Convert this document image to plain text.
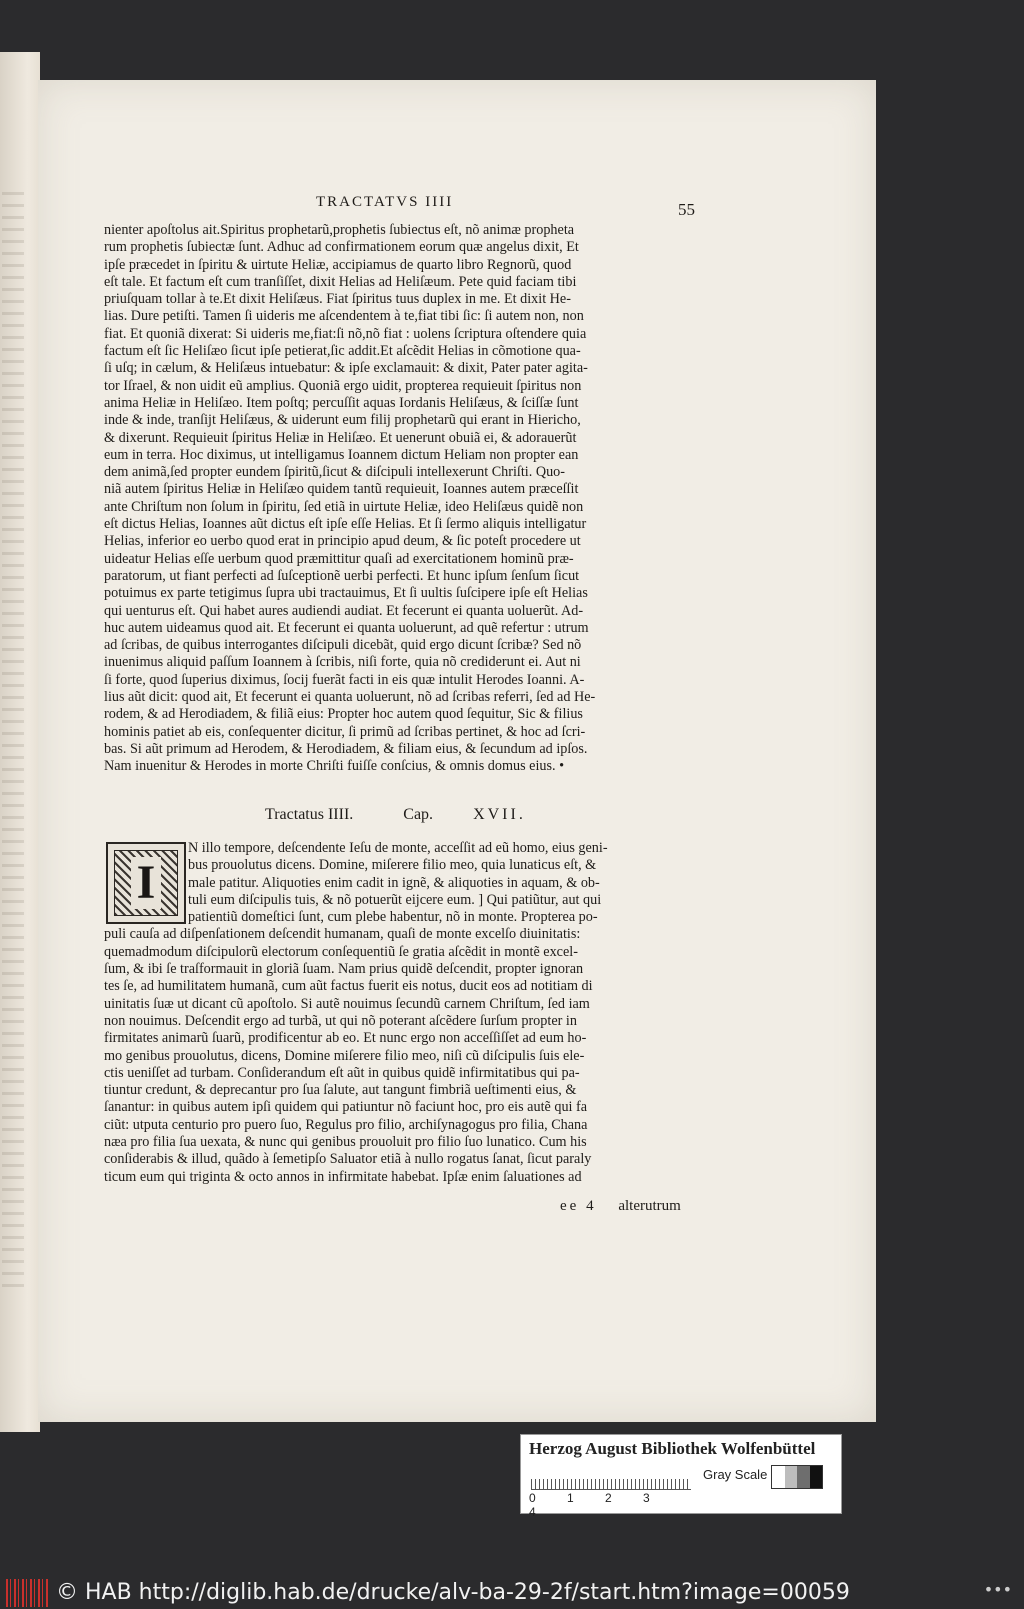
TRACTATVS IIII	55
nienter apoſtolus ait.Spiritus prophetarũ,prophetis ſubiectus eſt, nõ animæ propheta
rum prophetis ſubiectæ ſunt. Adhuc ad confirmationem eorum quæ angelus dixit, Et
ipſe præcedet in ſpiritu & uirtute Heliæ, accipiamus de quarto libro Regnorũ, quod
eſt tale. Et factum eſt cum tranſiſſet, dixit Helias ad Heliſæum. Pete quid faciam tibi
priuſquam tollar à te.Et dixit Heliſæus. Fiat ſpiritus tuus duplex in me. Et dixit He-
lias. Dure petiſti. Tamen ſi uideris me aſcendentem à te,fiat tibi ſic: ſi autem non, non
fiat. Et quoniã dixerat: Si uideris me,fiat:ſi nõ,nõ fiat : uolens ſcriptura oſtendere quia
factum eſt ſic Heliſæo ſicut ipſe petierat,ſic addit.Et aſcẽdit Helias in cõmotione qua-
ſi uſq; in cælum, & Heliſæus intuebatur: & ipſe exclamauit: & dixit, Pater pater agita-
tor Iſrael, & non uidit eũ amplius. Quoniã ergo uidit, propterea requieuit ſpiritus non
anima Heliæ in Heliſæo. Item poſtq; percuſſit aquas Iordanis Heliſæus, & ſciſſæ ſunt
inde & inde, tranſijt Heliſæus, & uiderunt eum filij prophetarũ qui erant in Hiericho,
& dixerunt. Requieuit ſpiritus Heliæ in Heliſæo. Et uenerunt obuiã ei, & adorauerũt
eum in terra. Hoc diximus, ut intelligamus Ioannem dictum Heliam non propter ean
dem animã,ſed propter eundem ſpiritũ,ſicut & diſcipuli intellexerunt Chriſti. Quo-
niã autem ſpiritus Heliæ in Heliſæo quidem tantũ requieuit, Ioannes autem præceſſit
ante Chriſtum non ſolum in ſpiritu, ſed etiã in uirtute Heliæ, ideo Heliſæus quidẽ non
eſt dictus Helias, Ioannes aũt dictus eſt ipſe eſſe Helias. Et ſi ſermo aliquis intelligatur
Helias, inferior eo uerbo quod erat in principio apud deum, & ſic poteſt procedere ut
uideatur Helias eſſe uerbum quod præmittitur quaſi ad exercitationem hominũ præ-
paratorum, ut fiant perfecti ad ſuſceptionẽ uerbi perfecti. Et hunc ipſum ſenſum ſicut
potuimus ex parte tetigimus ſupra ubi tractauimus, Et ſi uultis ſuſcipere ipſe eſt Helias
qui uenturus eſt. Qui habet aures audiendi audiat. Et fecerunt ei quanta uoluerũt. Ad-
huc autem uideamus quod ait. Et fecerunt ei quanta uoluerunt, ad quẽ refertur : utrum
ad ſcribas, de quibus interrogantes diſcipuli dicebãt, quid ergo dicunt ſcribæ? Sed nõ
inuenimus aliquid paſſum Ioannem à ſcribis, niſi forte, quia nõ crediderunt ei. Aut ni
ſi forte, quod ſuperius diximus, ſocij fuerãt facti in eis quæ intulit Herodes Ioanni. A-
lius aũt dicit: quod ait, Et fecerunt ei quanta uoluerunt, nõ ad ſcribas referri, ſed ad He-
rodem, & ad Herodiadem, & filiã eius: Propter hoc autem quod ſequitur, Sic & filius
hominis patiet ab eis, conſequenter dicitur, ſi primũ ad ſcribas pertinet, & hoc ad ſcri-
bas. Si aũt primum ad Herodem, & Herodiadem, & filiam eius, & ſecundum ad ipſos.
Nam inuenitur & Herodes in morte Chriſti fuiſſe conſcius, & omnis domus eius. •
Tractatus IIII.	Cap.	XVII.
I
N illo tempore, deſcendente Ieſu de monte, acceſſit ad eũ homo, eius geni-
bus prouolutus dicens. Domine, miſerere filio meo, quia lunaticus eſt, &
male patitur. Aliquoties enim cadit in ignẽ, & aliquoties in aquam, & ob-
tuli eum diſcipulis tuis, & nõ potuerũt eijcere eum. ] Qui patiũtur, aut qui
patientiũ domeſtici ſunt, cum plebe habentur, nõ in monte. Propterea po-
puli cauſa ad diſpenſationem deſcendit humanam, quaſi de monte excelſo diuinitatis:
quemadmodum diſcipulorũ electorum conſequentiũ ſe gratia aſcẽdit in montẽ excel-
ſum, & ibi ſe traſformauit in gloriã ſuam. Nam prius quidẽ deſcendit, propter ignoran
tes ſe, ad humilitatem humanã, cum aũt factus fuerit eis notus, ducit eos ad notitiam di
uinitatis ſuæ ut dicant cũ apoſtolo. Si autẽ nouimus ſecundũ carnem Chriſtum, ſed iam
non nouimus. Deſcendit ergo ad turbã, ut qui nõ poterant aſcẽdere ſurſum propter in
firmitates animarũ ſuarũ, prodificentur ab eo. Et nunc ergo non acceſſiſſet ad eum ho-
mo genibus prouolutus, dicens, Domine miſerere filio meo, niſi cũ diſcipulis ſuis ele-
ctis ueniſſet ad turbam. Conſiderandum eſt aũt in quibus quidẽ infirmitatibus qui pa-
tiuntur credunt, & deprecantur pro ſua ſalute, aut tangunt fimbriã ueſtimenti eius, &
ſanantur: in quibus autem ipſi quidem qui patiuntur nõ faciunt hoc, pro eis autẽ qui fa
ciũt: utputa centurio pro puero ſuo, Regulus pro filio, archiſynagogus pro filia, Chana
næa pro filia ſua uexata, & nunc qui genibus prouoluit pro filio ſuo lunatico. Cum his
conſiderabis & illud, quãdo à ſemetipſo Saluator etiã à nullo rogatus ſanat, ſicut paraly
ticum eum qui triginta & octo annos in infirmitate habebat. Ipſæ enim ſaluationes ad
ee 4 alterutrum
Herzog August Bibliothek Wolfenbüttel
0	1	2	34
Gray Scale
© HAB http://diglib.hab.de/drucke/alv-ba-29-2f/start.htm?image=00059	•••
